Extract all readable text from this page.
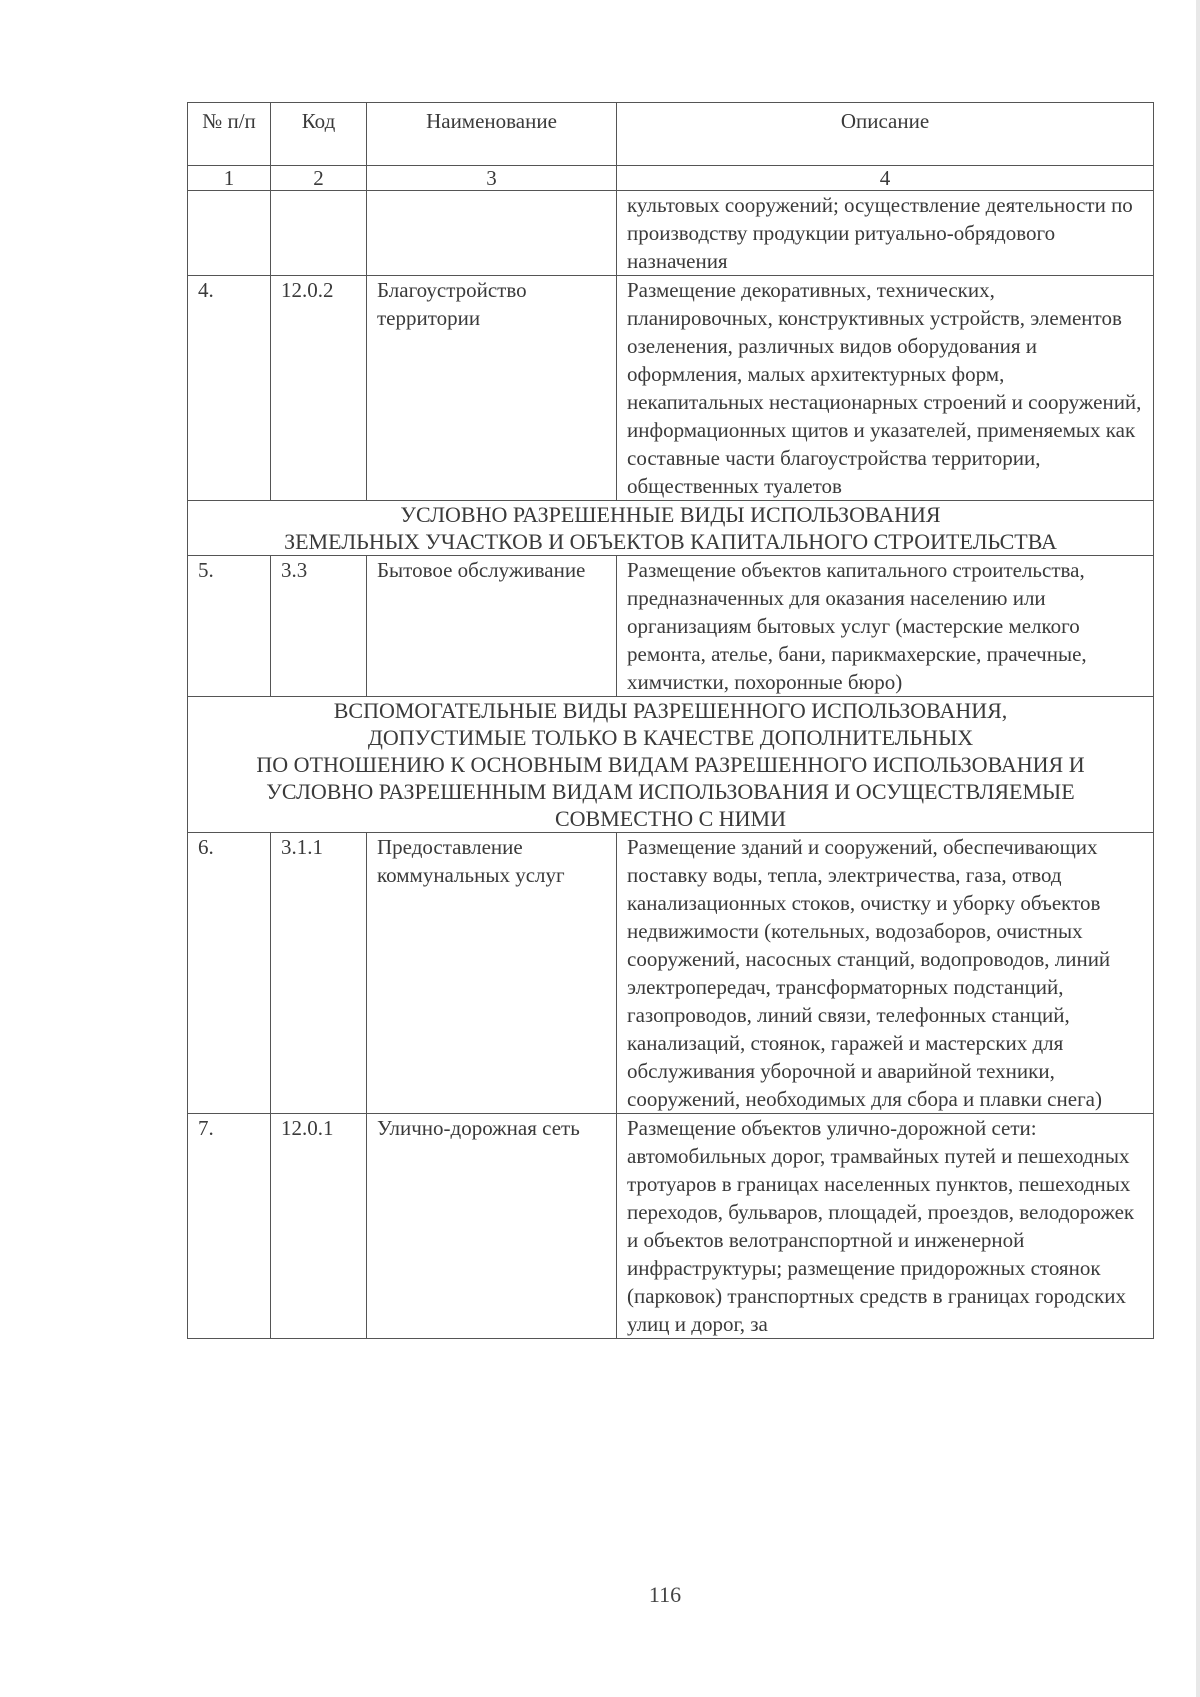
№ п/п	Код	Наименование	Описание
1	2	3	4
			культовых сооружений; осуществление деятельности по производству продукции ритуально-обрядового назначения
4.	12.0.2	Благоустройство территории	Размещение декоративных, технических, планировочных, конструктивных устройств, элементов озеленения, различных видов оборудования и оформления, малых архитектурных форм, некапитальных нестационарных строений и сооружений, информационных щитов и указателей, применяемых как составные части благоустройства территории, общественных туалетов

УСЛОВНО РАЗРЕШЕННЫЕ ВИДЫ ИСПОЛЬЗОВАНИЯ
ЗЕМЕЛЬНЫХ УЧАСТКОВ И ОБЪЕКТОВ КАПИТАЛЬНОГО СТРОИТЕЛЬСТВА			

5.	3.3	Бытовое обслуживание	Размещение объектов капитального строительства, предназначенных для оказания населению или организациям бытовых услуг (мастерские мелкого ремонта, ателье, бани, парикмахерские, прачечные, химчистки, похоронные бюро)

ВСПОМОГАТЕЛЬНЫЕ ВИДЫ РАЗРЕШЕННОГО ИСПОЛЬЗОВАНИЯ,
ДОПУСТИМЫЕ ТОЛЬКО В КАЧЕСТВЕ ДОПОЛНИТЕЛЬНЫХ
ПО ОТНОШЕНИЮ К ОСНОВНЫМ ВИДАМ РАЗРЕШЕННОГО ИСПОЛЬЗОВАНИЯ И
УСЛОВНО РАЗРЕШЕННЫМ ВИДАМ ИСПОЛЬЗОВАНИЯ И ОСУЩЕСТВЛЯЕМЫЕ
СОВМЕСТНО С НИМИ			

6.	3.1.1	Предоставление коммунальных услуг	Размещение зданий и сооружений, обеспечивающих поставку воды, тепла, электричества, газа, отвод канализационных стоков, очистку и уборку объектов недвижимости (котельных, водозаборов, очистных сооружений, насосных станций, водопроводов, линий электропередач, трансформаторных подстанций, газопроводов, линий связи, телефонных станций, канализаций, стоянок, гаражей и мастерских для обслуживания уборочной и аварийной техники, сооружений, необходимых для сбора и плавки снега)
7.	12.0.1	Улично-дорожная сеть	Размещение объектов улично-дорожной сети: автомобильных дорог, трамвайных путей и пешеходных тротуаров в границах населенных пунктов, пешеходных переходов, бульваров, площадей, проездов, велодорожек и объектов велотранспортной и инженерной инфраструктуры; размещение придорожных стоянок (парковок) транспортных средств в границах городских улиц и дорог, за
116
